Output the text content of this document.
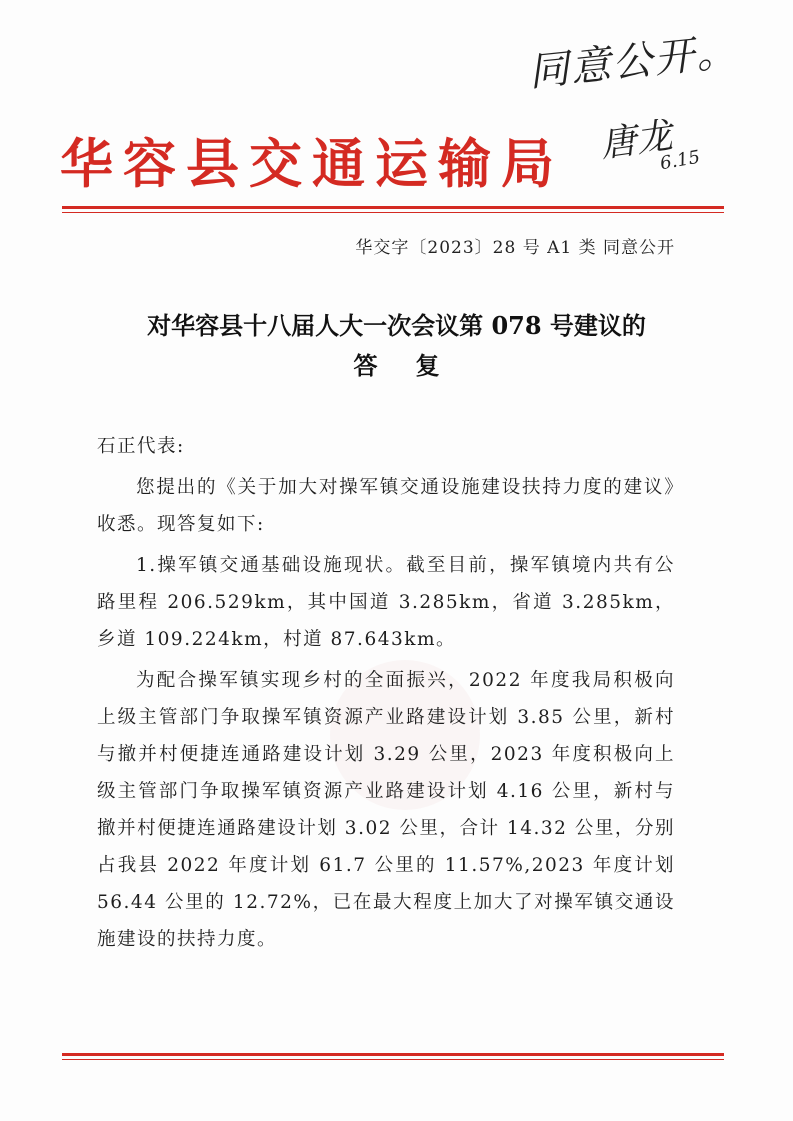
同意公开。
唐龙
6.15
华容县交通运输局
华交字〔2023〕28 号 A1 类 同意公开
对华容县十八届人大一次会议第 078 号建议的
答复

石正代表:

您提出的《关于加大对操军镇交通设施建设扶持力度的建议》收悉。现答复如下:

1.操军镇交通基础设施现状。截至目前，操军镇境内共有公路里程 206.529km，其中国道 3.285km，省道 3.285km，乡道 109.224km，村道 87.643km。

为配合操军镇实现乡村的全面振兴，2022 年度我局积极向上级主管部门争取操军镇资源产业路建设计划 3.85 公里，新村与撤并村便捷连通路建设计划 3.29 公里，2023 年度积极向上级主管部门争取操军镇资源产业路建设计划 4.16 公里，新村与撤并村便捷连通路建设计划 3.02 公里，合计 14.32 公里，分别占我县 2022 年度计划 61.7 公里的 11.57%,2023 年度计划 56.44 公里的 12.72%，已在最大程度上加大了对操军镇交通设施建设的扶持力度。
